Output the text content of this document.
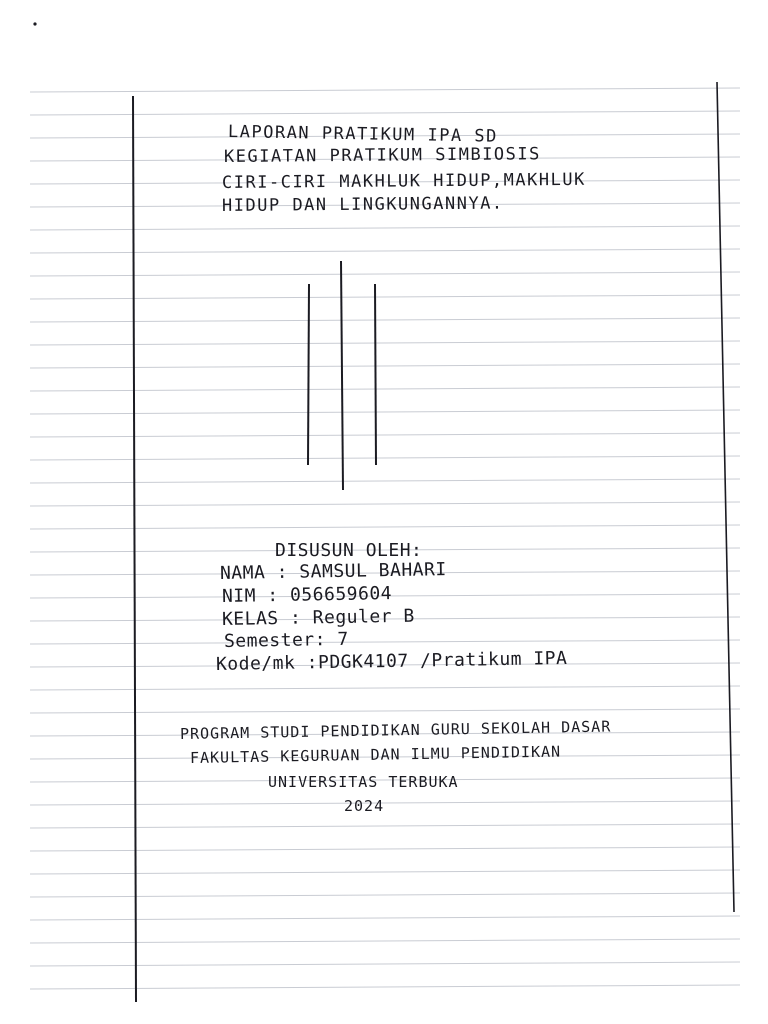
LAPORAN PRATIKUM IPA SD
KEGIATAN PRATIKUM SIMBIOSIS
CIRI-CIRI MAKHLUK HIDUP,MAKHLUK
HIDUP DAN LINGKUNGANNYA.
DISUSUN OLEH:
NAMA : SAMSUL BAHARI
NIM : 056659604
KELAS : Reguler B
Semester: 7
Kode/mk :PDGK4107 /Pratikum IPA
PROGRAM STUDI PENDIDIKAN GURU SEKOLAH DASAR
FAKULTAS KEGURUAN DAN ILMU PENDIDIKAN
UNIVERSITAS TERBUKA
2024
